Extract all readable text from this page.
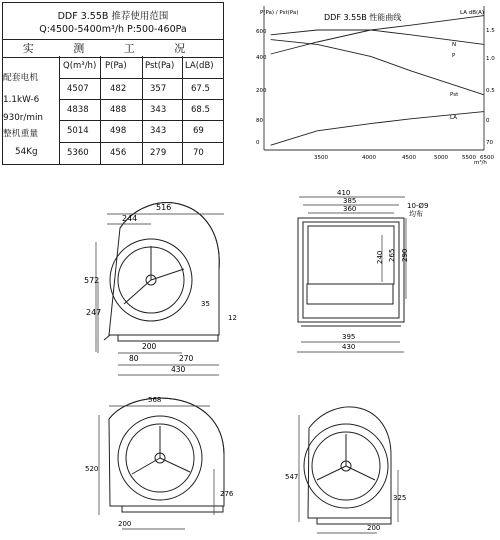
DDF 3.55B 推荐使用范围
Q:4500-5400m³/h P:500-460Pa
实 测 工 况
配套电机
1.1kW-6
930r/min
整机重量
54Kg
Q(m³/h) P(Pa) Pst(Pa) LA(dB)
4507	482	357	67.5
4838	488	343	68.5
5014	498	343	69
5360	456	279	70
P(Pa) / Pst(Pa)	DDF 3.55B 性能曲线	LA dB(A)
m³/h
600
400
200
80
0
1.5
1.0
0.5
0
70
3500	4000	4500	5000	5500 6500
N
P
Pst
LA
516
244
572
247
35
12
200
80	270
430
410
385
360	10-Ø9
均布
240 265 290
395
430
568
520
276
200
547
325
200
